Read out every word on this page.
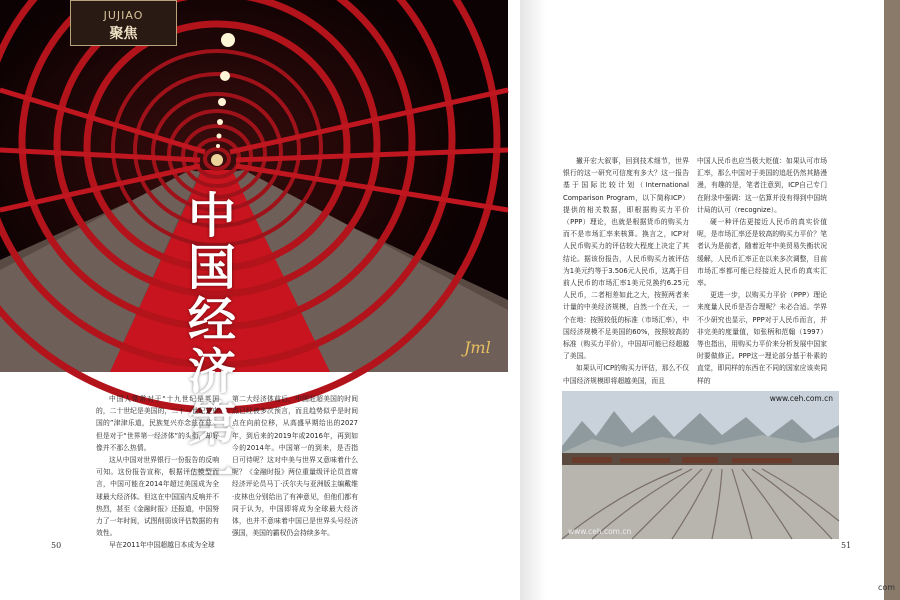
JUJIAO
聚焦
中国经济第一
Jml

中国人常常对于“十九世纪是英国的，二十世纪是美国的，二十一世纪是中国的”津津乐道，民族复兴亦念兹在兹。但是对于“世界第一经济体”的头衔，却好像并不那么热情。

这从中国对世界银行一份报告的反响可知。这份报告宣称，根据评估模型而言，中国可能在2014年超过美国成为全球最大经济体。但这在中国国内反响并不热烈，甚至《金融时报》还报道，中国努力了一年时间，试图削弱该评估数据的有效性。

早在2011年中国超越日本成为全球

第二大经济体前后，中国赶超美国的时间点已经被多次预言，而且趋势似乎是时间点在向前位移，从高盛早期给出的2027年，到后来的2019年或2016年，再到如今的2014年。中国第一的到来，是否指日可待呢？这对中美与世界又意味着什么呢？《金融时报》两位重量级评论员首席经济评论员马丁·沃尔夫与亚洲版主编戴维·皮林也分别给出了有神意见，但他们都有同于认为，中国即将成为全球最大经济体，也并不意味着中国已是世界头号经济强国，美国的霸权仍会持续多年。

撇开宏大叙事，回到技术细节，世界银行的这一研究可信度有多大？这一报告基于国际比较计划（International Comparison Program，以下简称ICP）提供的相关数据，即根据购买力平价（PPP）理论，也就是根据货币的购买力而不是市场汇率来核算。换言之，ICP对人民币购买力的评估较大程度上决定了其结论。据该份报告，人民币购买力被评估为1美元约等于3.506元人民币，这离于目前人民币的市场汇率1美元兑换约6.25元人民币，二者相差如此之大，按照两者来计量的中美经济规模，自然一个在天，一个在地：按照较低的标准（市场汇率），中国经济规模不足美国的60%，按照较高的标准（购买力平价），中国却可能已经超越了美国。

如果认可ICP的购买力评估，那么不仅中国经济规模即将超越美国，而且

中国人民币也应当极大贬值：如果认可市场汇率，那么中国对于美国的追赶仍然其路漫漫，有趣的是，笔者注意到，ICP自己专门在附录中强调：这一估算并没有得到中国统计局的认可（recognize）。

硬一种评估更接近人民币的真实价值呢，是市场汇率还是较高的购买力平价？笔者认为是前者，随着近年中美贸易失衡状况缓解，人民币汇率正在以来多次调整，目前市场汇率都可能已经接近人民币的真实汇率。

更进一步，以购买力平价（PPP）理论来度量人民币是否合理呢？未必合适。学界不少研究也显示，PPP对于人民币而言，并非完美的度量值，如张柄和范翰（1997）等也指出，用购买力平价来分析发展中国家时要做修正。PPP这一理论部分基于朴素的直觉，即同样的东西在不同的国家应该卖同样的

www.ceh.com.cn
www.ceh.com.cn
50	51
com
